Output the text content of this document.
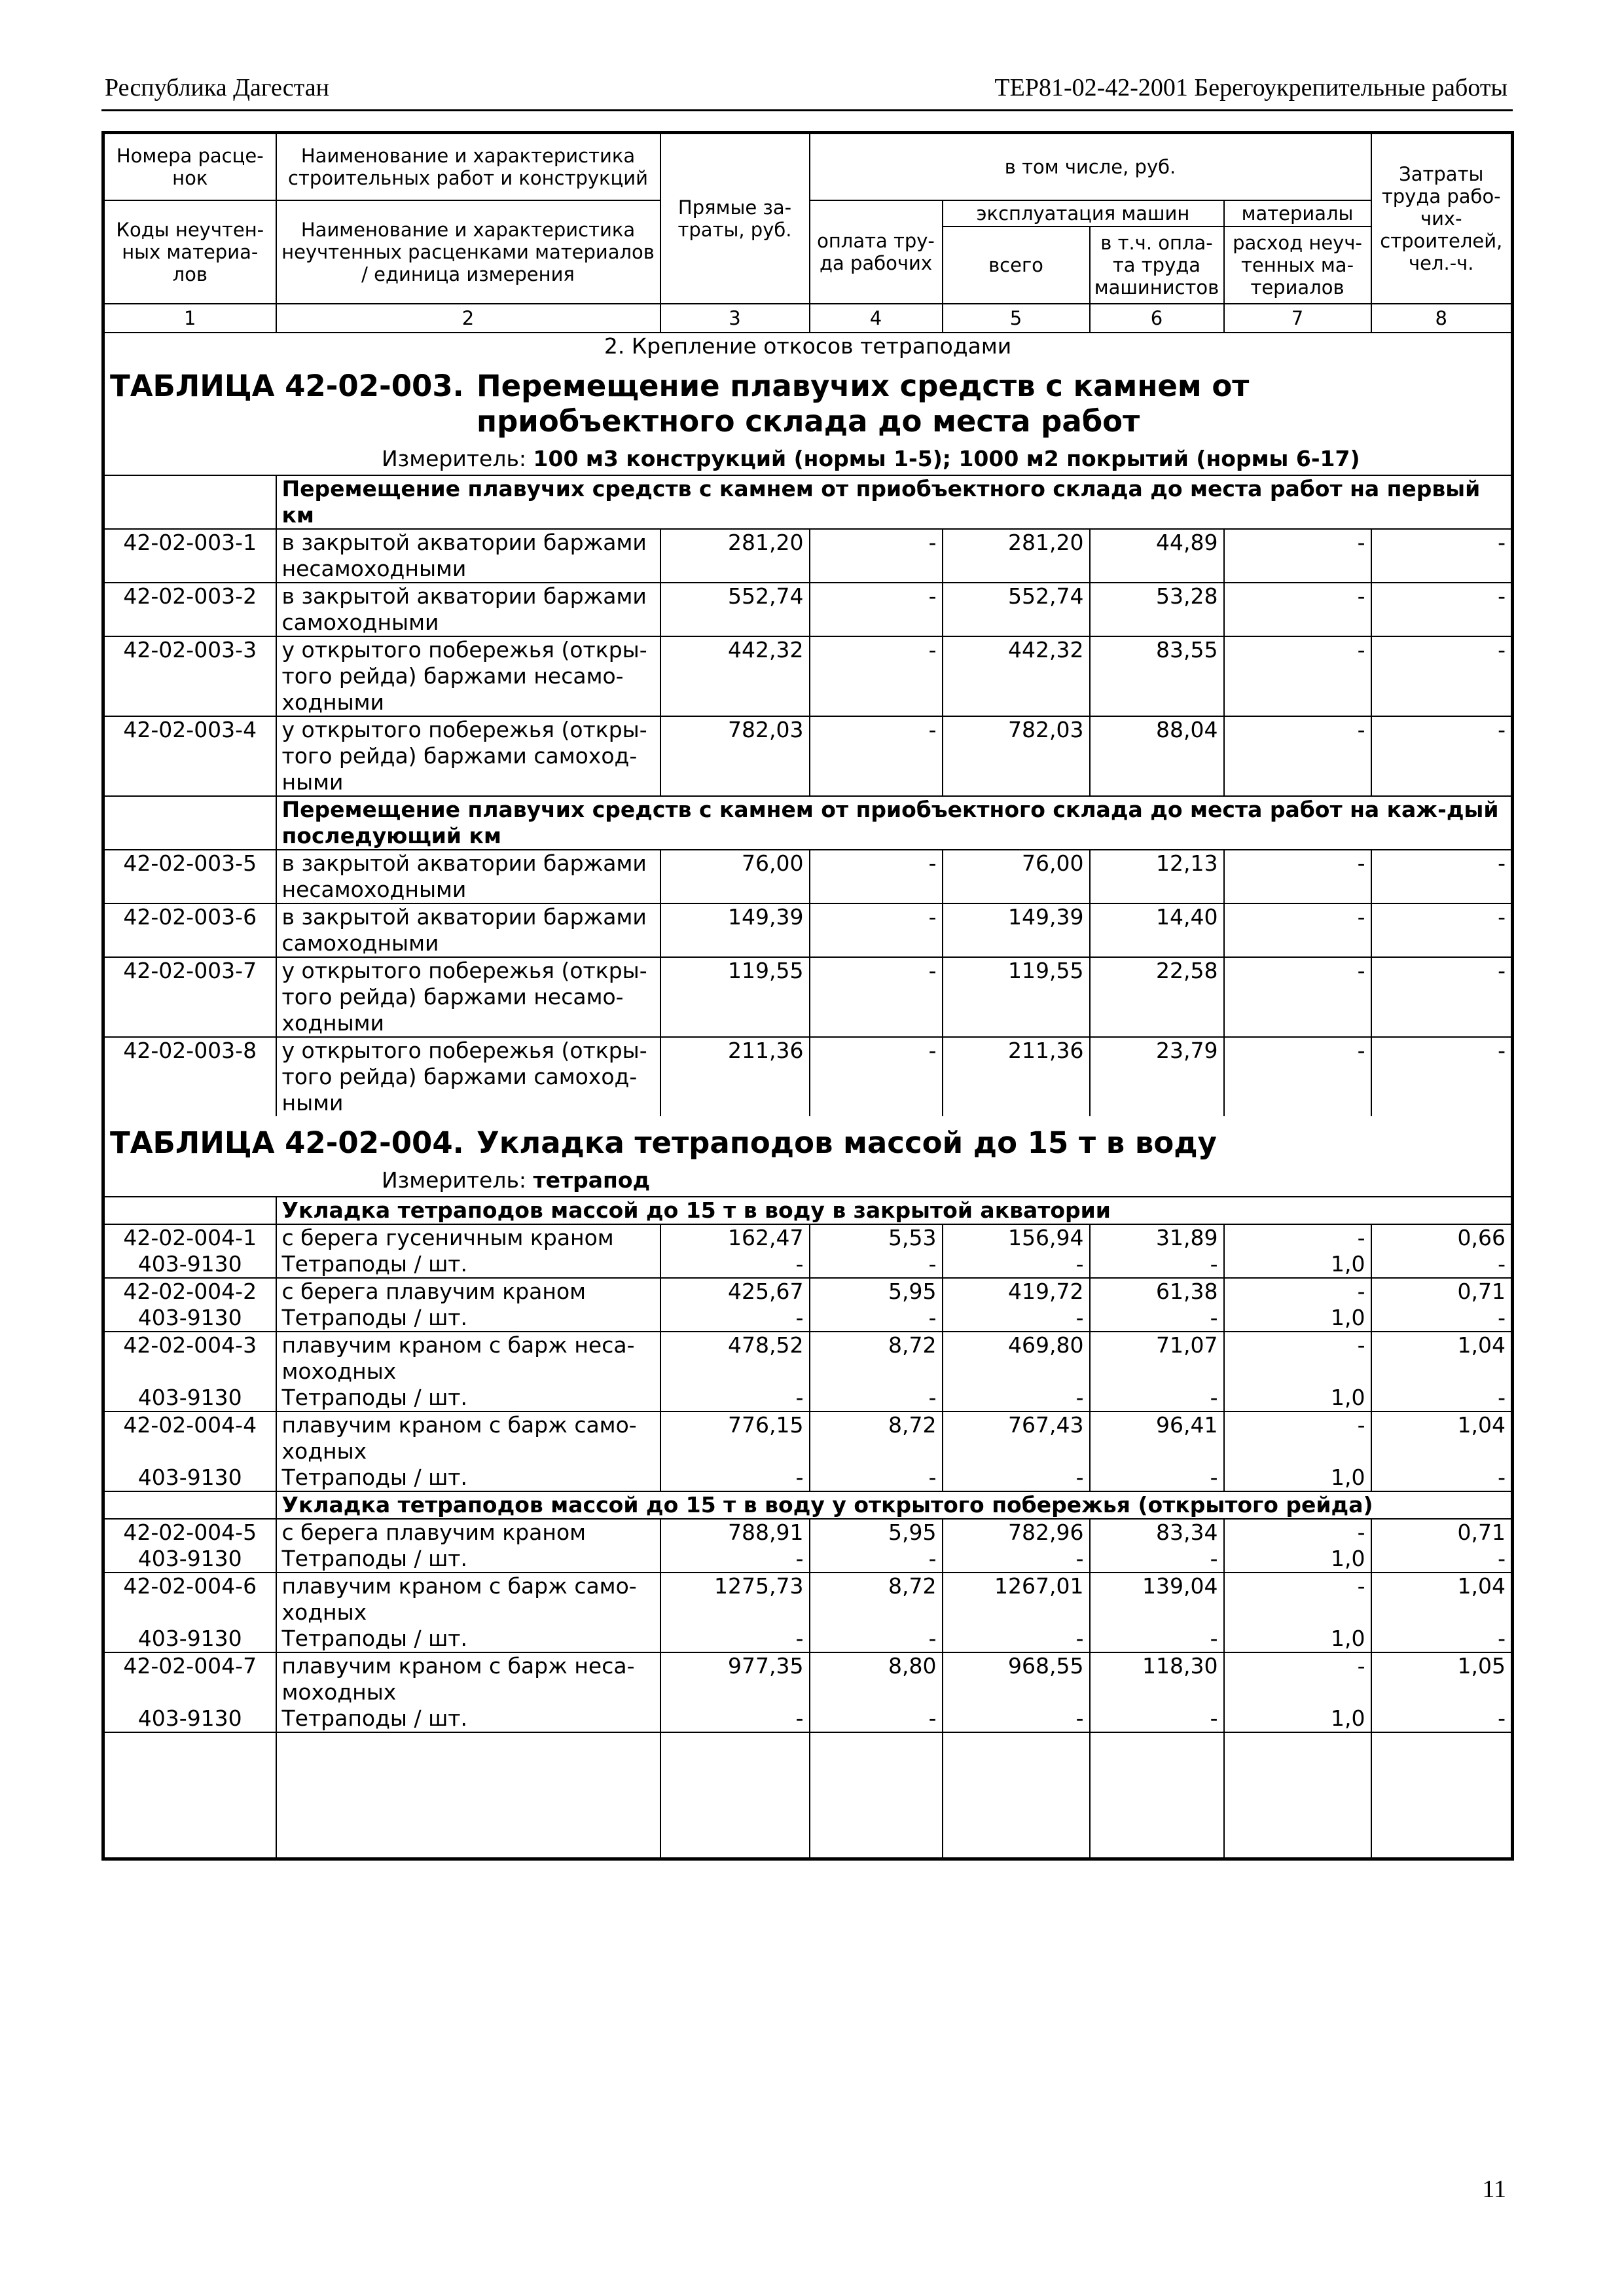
Республика Дагестан	ТЕР81-02-42-2001 Берегоукрепительные работы
Номера расце-нок	Наименование и характеристика строительных работ и конструкций	Прямые за-траты, руб.	в том числе, руб.				Затраты труда рабо-чих-строителей, чел.-ч.
Коды неучтен-ных материа-лов	Наименование и характеристика неучтенных расценками материалов / единица измерения		оплата тру-да рабочих	эксплуатация машин		материалы	
				всего	в т.ч. опла-та труда машинистов	расход неуч-тенных ма-териалов	
1	2	3	4	5	6	7	8
2. Крепление откосов тетраподами							

ТАБЛИЦА 42-02-003. Перемещение плавучих средств с камнем от приобъектного склада до места работ
Измеритель: 100 м3 конструкций (нормы 1-5); 1000 м2 покрытий (нормы 6-17)							

	Перемещение плавучих средств с камнем от приобъектного склада до места работ на первый км						
42-02-003-1	в закрытой акватории баржами несамоходными	281,20	-	281,20	44,89	-	-
42-02-003-2	в закрытой акватории баржами самоходными	552,74	-	552,74	53,28	-	-
42-02-003-3	у открытого побережья (откры-того рейда) баржами несамо-ходными	442,32	-	442,32	83,55	-	-
42-02-003-4	у открытого побережья (откры-того рейда) баржами самоход-ными	782,03	-	782,03	88,04	-	-
	Перемещение плавучих средств с камнем от приобъектного склада до места работ на каж-дый последующий км						
42-02-003-5	в закрытой акватории баржами несамоходными	76,00	-	76,00	12,13	-	-
42-02-003-6	в закрытой акватории баржами самоходными	149,39	-	149,39	14,40	-	-
42-02-003-7	у открытого побережья (откры-того рейда) баржами несамо-ходными	119,55	-	119,55	22,58	-	-
42-02-003-8	у открытого побережья (откры-того рейда) баржами самоход-ными	211,36	-	211,36	23,79	-	-

ТАБЛИЦА 42-02-004. Укладка тетраподов массой до 15 т в воду
Измеритель: тетрапод							

	Укладка тетраподов массой до 15 т в воду в закрытой акватории						
42-02-004-1	с берега гусеничным краном	162,47	5,53	156,94	31,89	-	0,66
403-9130	Тетраподы / шт.	-	-	-	-	1,0	-
42-02-004-2	с берега плавучим краном	425,67	5,95	419,72	61,38	-	0,71
403-9130	Тетраподы / шт.	-	-	-	-	1,0	-
42-02-004-3	плавучим краном с барж неса-моходных	478,52	8,72	469,80	71,07	-	1,04
403-9130	Тетраподы / шт.	-	-	-	-	1,0	-
42-02-004-4	плавучим краном с барж само-ходных	776,15	8,72	767,43	96,41	-	1,04
403-9130	Тетраподы / шт.	-	-	-	-	1,0	-
	Укладка тетраподов массой до 15 т в воду у открытого побережья (открытого рейда)						
42-02-004-5	с берега плавучим краном	788,91	5,95	782,96	83,34	-	0,71
403-9130	Тетраподы / шт.	-	-	-	-	1,0	-
42-02-004-6	плавучим краном с барж само-ходных	1275,73	8,72	1267,01	139,04	-	1,04
403-9130	Тетраподы / шт.	-	-	-	-	1,0	-
42-02-004-7	плавучим краном с барж неса-моходных	977,35	8,80	968,55	118,30	-	1,05
403-9130	Тетраподы / шт.	-	-	-	-	1,0	-

11
